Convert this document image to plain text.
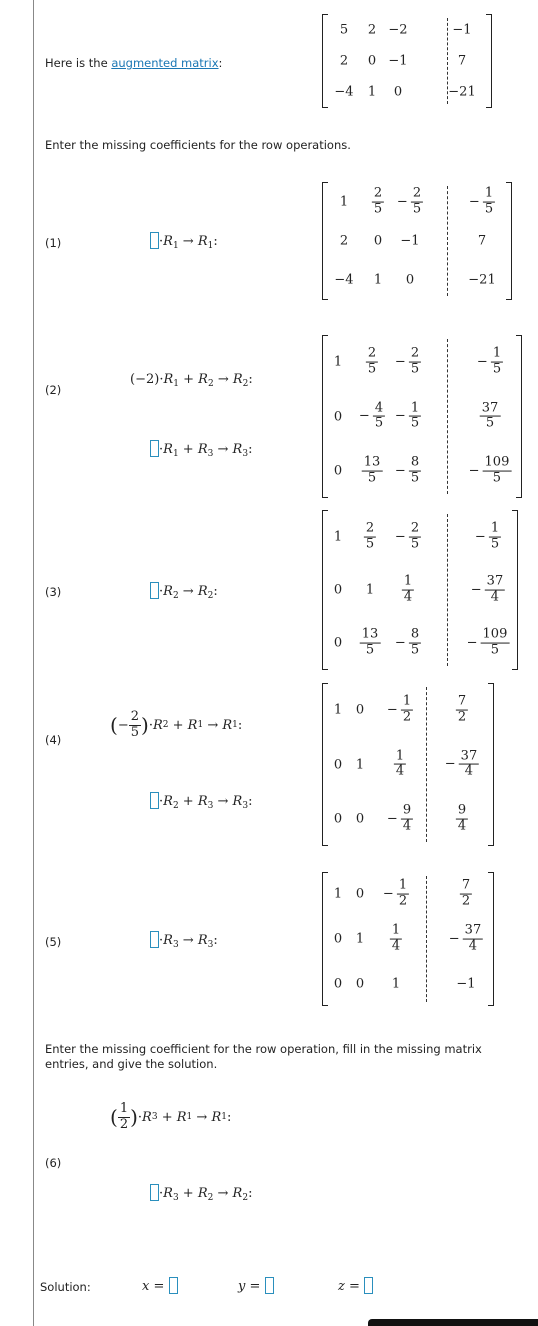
Here is the augmented matrix:
5 2 −2	−1
2 0 −1	7
−4 1 0	−21
Enter the missing coefficients for the row operations.
(1)	$\cdot R_1 \to R_1$:
$1 \frac{2}{5} - \frac{2}{5}$	− $\frac{1}{5}$
2 0 −1	7
−4 1 0	−21
(2)
$(-2)\cdot R_1 + R_2 \to R_2$:
$\cdot R_1 + R_3 \to R_3$:
$1 \frac{2}{5} - \frac{2}{5}$	− $\frac{1}{5}$
$0 - \frac{4}{5} - \frac{1}{5}$	$\frac{37}{5}$
$0 \frac{13}{5} - \frac{8}{5}$	− $\frac{109}{5}$
(3)	$\cdot R_2 \to R_2$:
$1 \frac{2}{5} - \frac{2}{5}$	− $\frac{1}{5}$
0 $1 \frac{1}{4}$	− $\frac{37}{4}$
$0 \frac{13}{5} - \frac{8}{5}$	− $\frac{109}{5}$
(4)
( − $\frac{2}{5}$ ) · R 2 + R 1 → R 1 :
$\cdot R_2 + R_3 \to R_3$:
1 $0 - \frac{1}{2}$	$\frac{7}{2}$
0 $1 \frac{1}{4}$	− $\frac{37}{4}$
0 $0 - \frac{9}{4}$	$\frac{9}{4}$
(5)	$\cdot R_3 \to R_3$:
1 $0 - \frac{1}{2}$	$\frac{7}{2}$
0 $1 \frac{1}{4}$	− $\frac{37}{4}$
0 0 1	−1
Enter the missing coefficient for the row operation, fill in the missing matrix entries, and give the solution.
(6)
( $\frac{1}{2}$ ) · R 3 + R 1 → R 1 :
$\cdot R_3 + R_2 \to R_2$:
Solution:	x =	y =	z =
